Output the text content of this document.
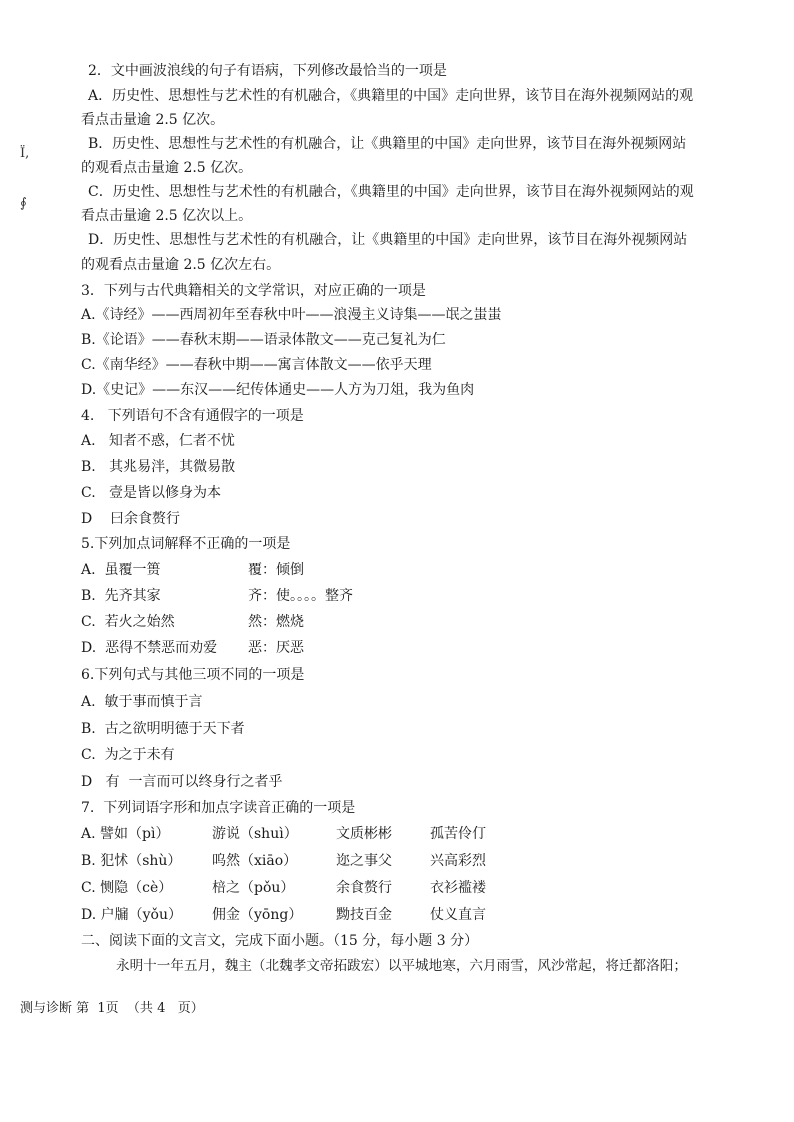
Ï,
∮
2．文中画波浪线的句子有语病，下列修改最恰当的一项是
A．历史性、思想性与艺术性的有机融合，《典籍里的中国》走向世界，该节目在海外视频网站的观
看点击量逾 2.5 亿次。
B．历史性、思想性与艺术性的有机融合，让《典籍里的中国》走向世界，该节目在海外视频网站
的观看点击量逾 2.5 亿次。
C．历史性、思想性与艺术性的有机融合，《典籍里的中国》走向世界，该节目在海外视频网站的观
看点击量逾 2.5 亿次以上。
D．历史性、思想性与艺术性的有机融合，让《典籍里的中国》走向世界，该节目在海外视频网站
的观看点击量逾 2.5 亿次左右。
3．下列与古代典籍相关的文学常识，对应正确的一项是
A.《诗经》——西周初年至春秋中叶——浪漫主义诗集——氓之蚩蚩
B.《论语》——春秋末期——语录体散文——克己复礼为仁
C.《南华经》——春秋中期——寓言体散文——依乎天理
D.《史记》——东汉——纪传体通史——人方为刀俎，我为鱼肉
4.   下列语句不含有通假字的一项是
A.   知者不惑，仁者不忧
B.   其兆易泮，其微易散
C.   壹是皆以修身为本
D    曰余食赘行
5.下列加点词解释不正确的一项是
A.  虽覆一篑	覆：倾倒
B.  先齐其家	齐：使。。。。整齐
C.  若火之始然	然：燃烧
D.  恶得不禁恶而劝爱 恶：厌恶
6.下列句式与其他三项不同的一项是
A.  敏于事而慎于言
B.  古之欲明明德于天下者
C.  为之于未有
D   有  一言而可以终身行之者乎
7.  下列词语字形和加点字读音正确的一项是
A. 譬如（pì）	游说（shuì）	文质彬彬	孤苦伶仃
B. 犯怵（shù） 呜然（xiāo）	迩之事父	兴高彩烈
C. 恻隐（cè）	棓之（pǒu）	余食赘行	衣衫褴褛
D. 户牖（yǒu） 佣金（yōng） 黝技百金	仗义直言
二、阅读下面的文言文，完成下面小题。（15 分，每小题 3 分）
永明十一年五月，魏主（北魏孝文帝拓跋宏）以平城地寒，六月雨雪，风沙常起，将迁都洛阳；
测与诊断 第  1页  （共 4   页）
